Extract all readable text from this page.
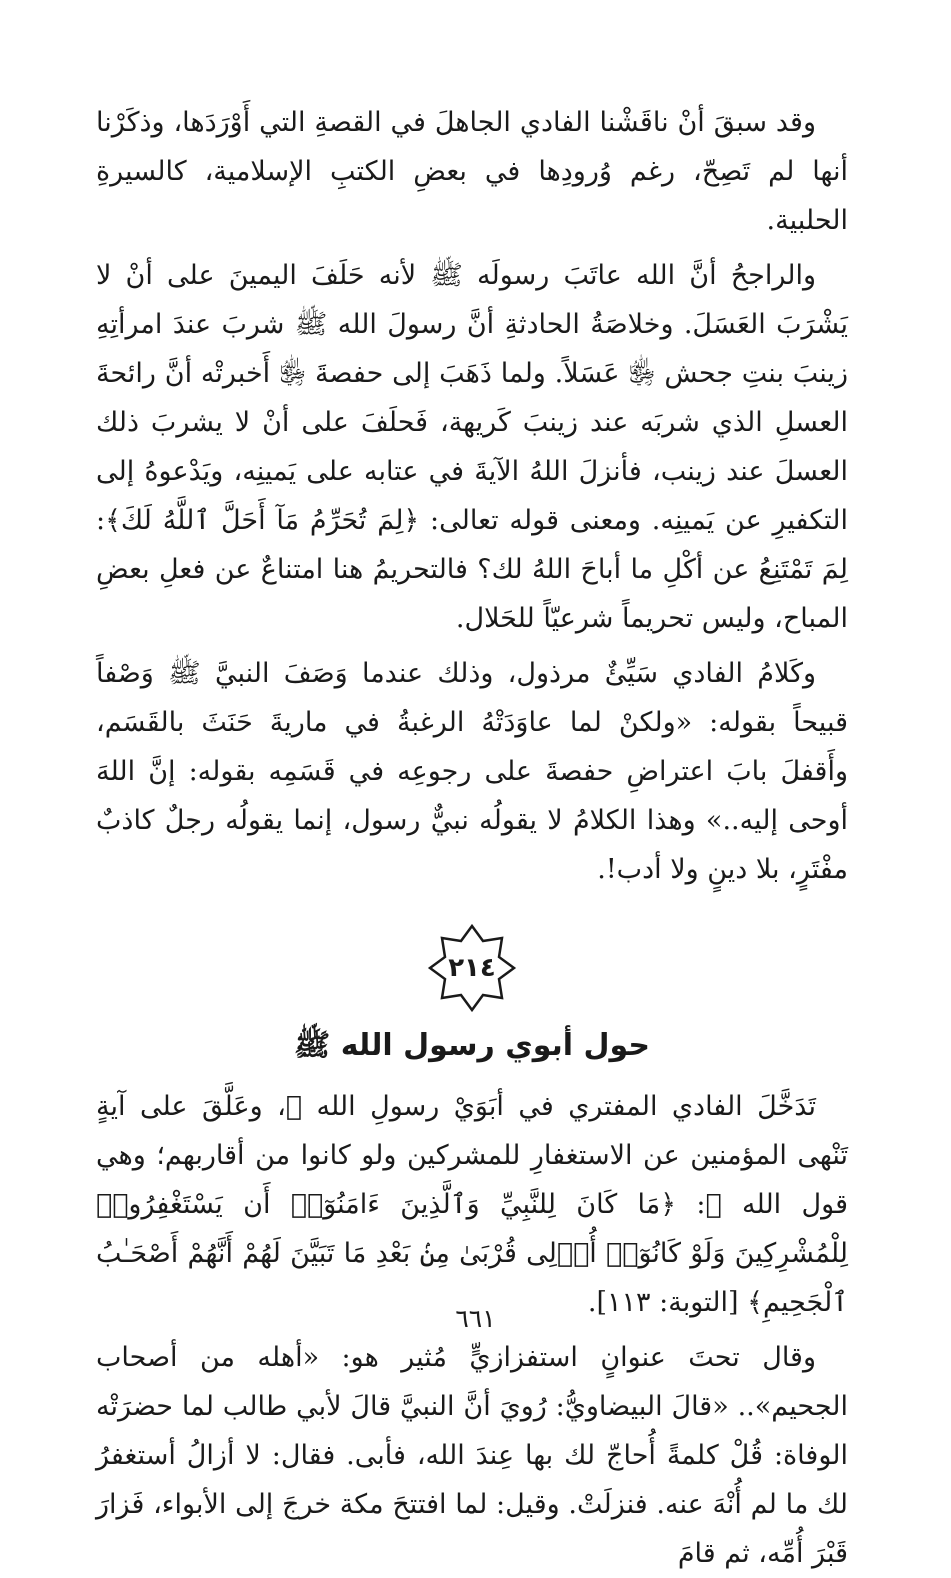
وقد سبقَ أنْ ناقَشْنا الفادي الجاهلَ في القصةِ التي أَوْرَدَها، وذكَرْنا أنها لم تَصِحّ، رغم وُرودِها في بعضِ الكتبِ الإسلامية، كالسيرةِ الحلبية.

والراجحُ أنَّ الله عاتَبَ رسولَه ﷺ لأنه حَلَفَ اليمينَ على أنْ لا يَشْرَبَ العَسَلَ. وخلاصَةُ الحادثةِ أنَّ رسولَ الله ﷺ شربَ عندَ امرأتِهِ زينبَ بنتِ جحش ﵂ عَسَلاً. ولما ذَهَبَ إلى حفصةَ ﵂ أَخبرتْه أنَّ رائحةَ العسلِ الذي شربَه عند زينبَ كَريهة، فَحلَفَ على أنْ لا يشربَ ذلك العسلَ عند زينب، فأنزلَ اللهُ الآيةَ في عتابه على يَمينِه، ويَدْعوهُ إلى التكفيرِ عن يَمينِه. ومعنى قوله تعالى: ﴿لِمَ تُحَرِّمُ مَآ أَحَلَّ ٱللَّهُ لَكَ﴾: لِمَ تَمْتَنِعُ عن أكْلِ ما أباحَ اللهُ لك؟ فالتحريمُ هنا امتناعٌ عن فعلِ بعضِ المباح، وليس تحريماً شرعيّاً للحَلال.

وكَلامُ الفادي سَيِّئٌ مرذول، وذلك عندما وَصَفَ النبيَّ ﷺ وَصْفاً قبيحاً بقوله: «ولكنْ لما عاوَدَتْهُ الرغبةُ في ماريةَ حَنَثَ بالقَسَم، وأَقفلَ بابَ اعتراضِ حفصةَ على رجوعِه في قَسَمِه بقوله: إنَّ اللهَ أوحى إليه..» وهذا الكلامُ لا يقولُه نبيٌّ رسول، إنما يقولُه رجلٌ كاذبٌ مفْتَرٍ، بلا دينٍ ولا أدب!.

٢١٤
حول أبوي رسول الله ﷺ

تَدَخَّلَ الفادي المفتري في أبَوَيْ رسولِ الله ﷺ، وعَلَّقَ على آيةٍ تَنْهى المؤمنين عن الاستغفارِ للمشركين ولو كانوا من أقاربهم؛ وهي قول الله ﷻ: ﴿مَا كَانَ لِلنَّبِيِّ وَٱلَّذِينَ ءَامَنُوٓا۟ أَن يَسْتَغْفِرُوا۟ لِلْمُشْرِكِينَ وَلَوْ كَانُوٓا۟ أُو۟لِى قُرْبَىٰ مِنۢ بَعْدِ مَا تَبَيَّنَ لَهُمْ أَنَّهُمْ أَصْحَـٰبُ ٱلْجَحِيمِ﴾ [التوبة: ١١٣].

وقال تحتَ عنوانٍ استفزازيٍّ مُثير هو: «أهله من أصحاب الجحيم».. «قالَ البيضاويُّ: رُويَ أنَّ النبيَّ قالَ لأبي طالب لما حضرَتْه الوفاة: قُلْ كلمةً أُحاجّ لك بها عِندَ الله، فأبى. فقال: لا أزالُ أستغفرُ لك ما لم أُنْهَ عنه. فنزلَتْ. وقيل: لما افتتحَ مكة خرجَ إلى الأبواء، فَزارَ قَبْرَ أُمِّه، ثم قامَ

٦٦١
